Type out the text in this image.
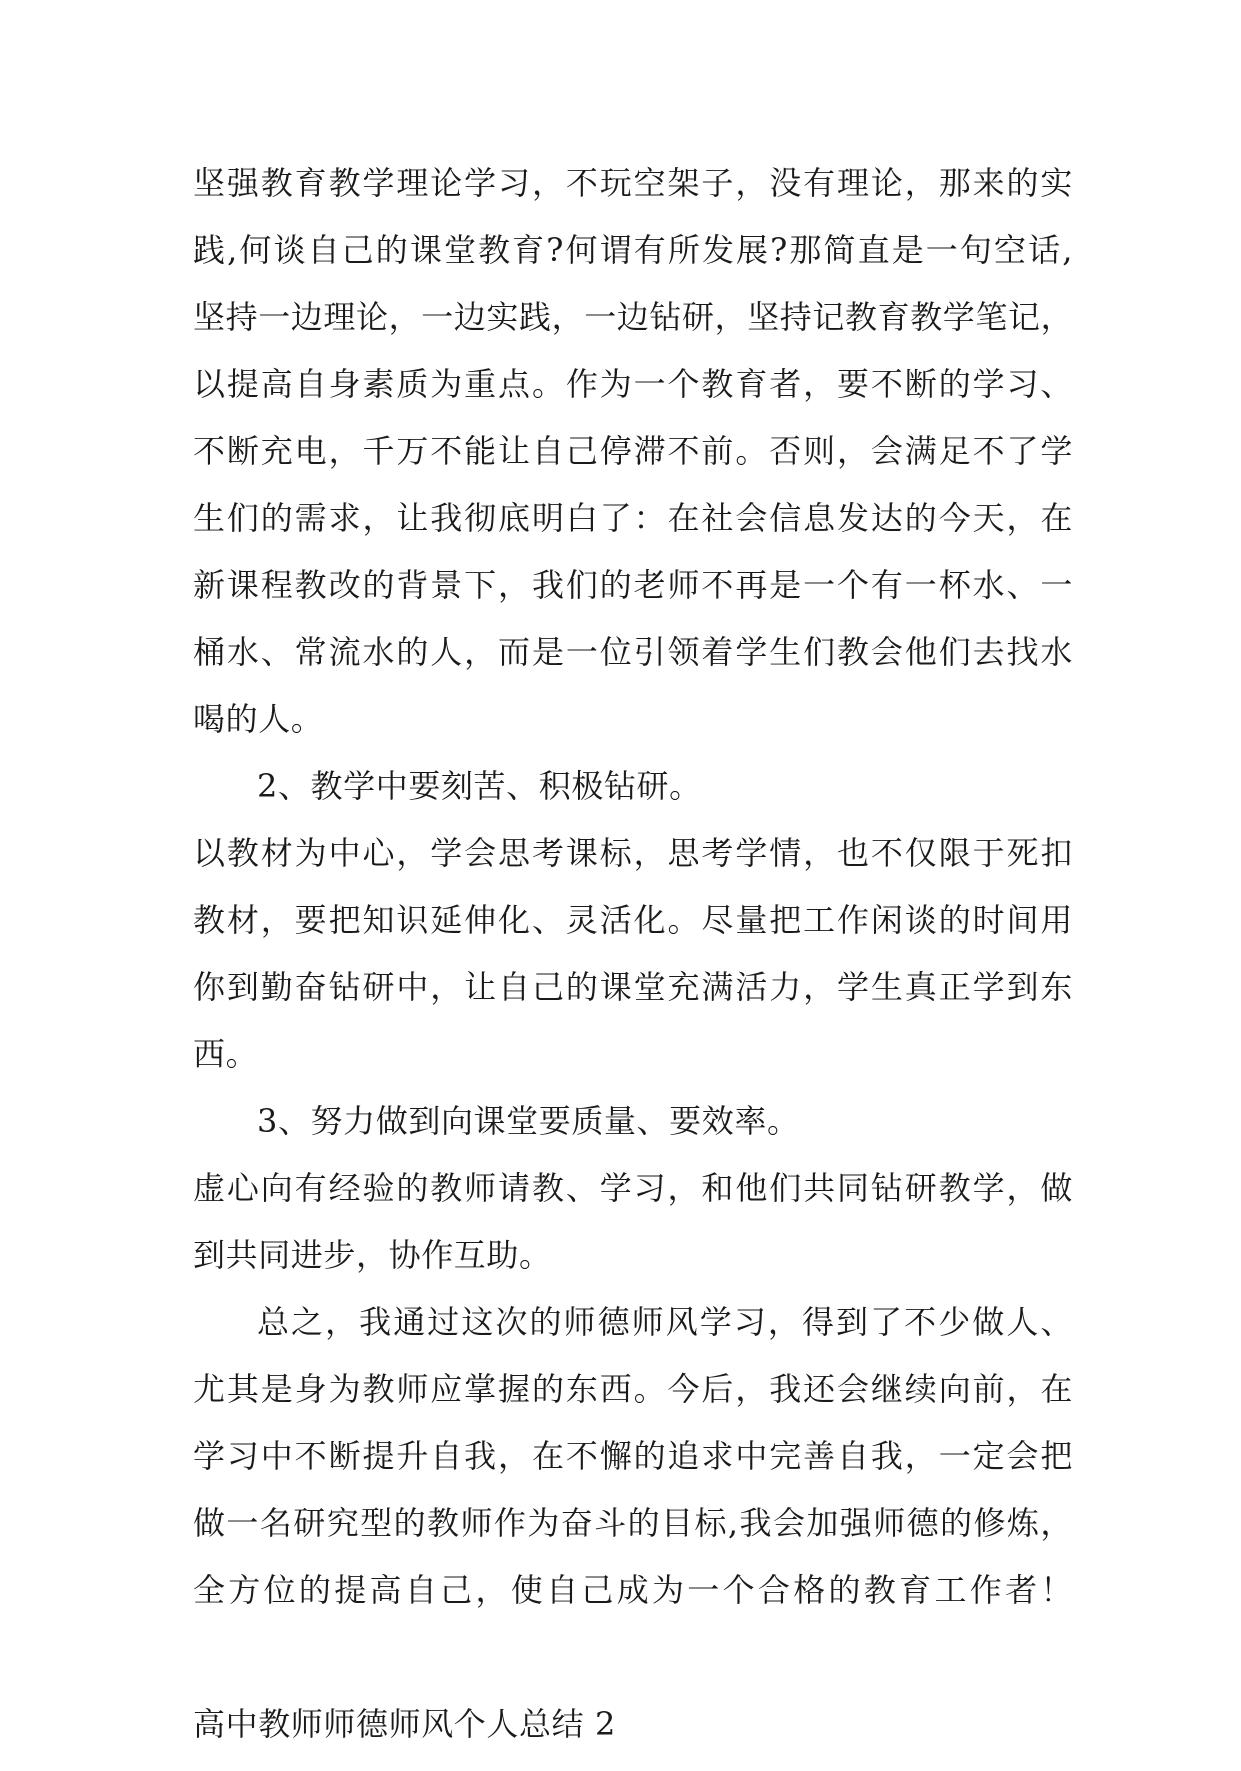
坚强教育教学理论学习，不玩空架子，没有理论，那来的实
践,何谈自己的课堂教育?何谓有所发展?那简直是一句空话,
坚持一边理论，一边实践，一边钻研，坚持记教育教学笔记，
以提高自身素质为重点。作为一个教育者，要不断的学习、
不断充电，千万不能让自己停滞不前。否则，会满足不了学
生们的需求，让我彻底明白了：在社会信息发达的今天，在
新课程教改的背景下，我们的老师不再是一个有一杯水、一
桶水、常流水的人，而是一位引领着学生们教会他们去找水
喝的人。
2、教学中要刻苦、积极钻研。
以教材为中心，学会思考课标，思考学情，也不仅限于死扣
教材，要把知识延伸化、灵活化。尽量把工作闲谈的时间用
你到勤奋钻研中，让自己的课堂充满活力，学生真正学到东
西。
3、努力做到向课堂要质量、要效率。
虚心向有经验的教师请教、学习，和他们共同钻研教学，做
到共同进步，协作互助。
总之，我通过这次的师德师风学习，得到了不少做人、
尤其是身为教师应掌握的东西。今后，我还会继续向前，在
学习中不断提升自我，在不懈的追求中完善自我，一定会把
做一名研究型的教师作为奋斗的目标,我会加强师德的修炼，
全方位的提高自己，使自己成为一个合格的教育工作者！
高中教师师德师风个人总结 2
